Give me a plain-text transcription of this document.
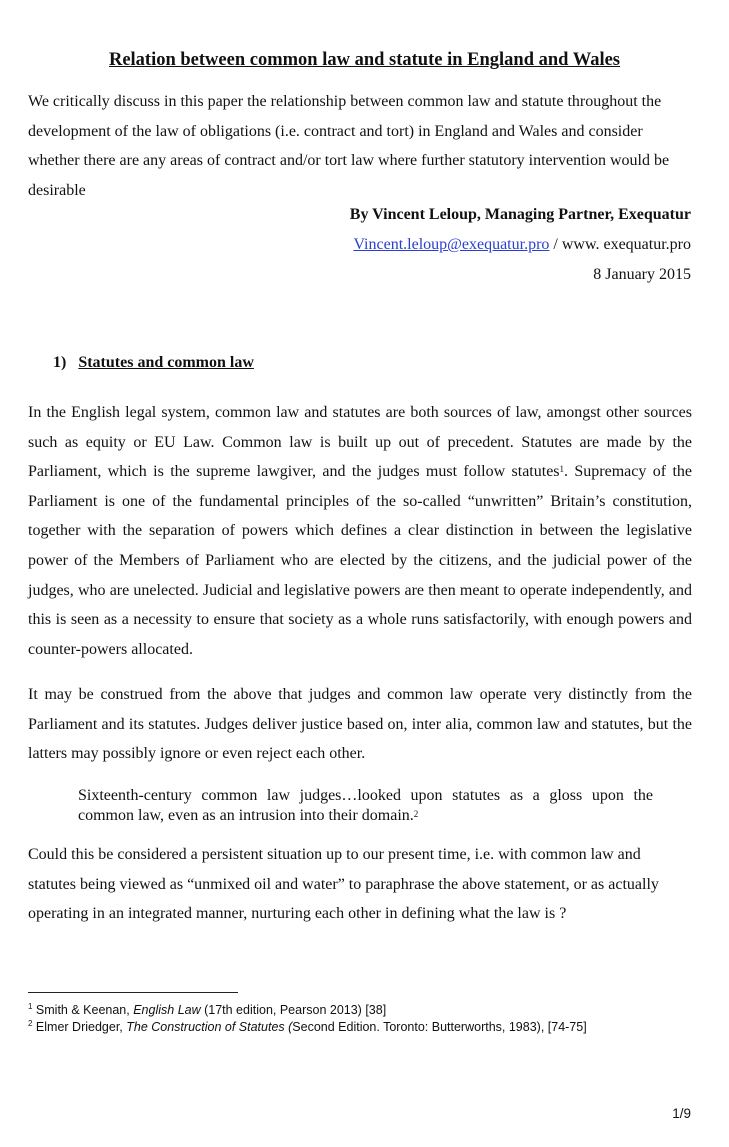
Relation between common law and statute in England and Wales
We critically discuss in this paper the relationship between common law and statute throughout the development of the law of obligations (i.e. contract and tort) in England and Wales and consider whether there are any areas of contract and/or tort law where further statutory intervention would be desirable
By Vincent Leloup, Managing Partner, Exequatur
Vincent.leloup@exequatur.pro / www. exequatur.pro
8 January 2015
1) Statutes and common law
In the English legal system, common law and statutes are both sources of law, amongst other sources such as equity or EU Law. Common law is built up out of precedent. Statutes are made by the Parliament, which is the supreme lawgiver, and the judges must follow statutes$^1$. Supremacy of the Parliament is one of the fundamental principles of the so-called “unwritten” Britain’s constitution, together with the separation of powers which defines a clear distinction in between the legislative power of the Members of Parliament who are elected by the citizens, and the judicial power of the judges, who are unelected. Judicial and legislative powers are then meant to operate independently, and this is seen as a necessity to ensure that society as a whole runs satisfactorily, with enough powers and counter-powers allocated.
It may be construed from the above that judges and common law operate very distinctly from the Parliament and its statutes. Judges deliver justice based on, inter alia, common law and statutes, but the latters may possibly ignore or even reject each other.
Sixteenth-century common law judges…looked upon statutes as a gloss upon the common law, even as an intrusion into their domain.$^2$
Could this be considered a persistent situation up to our present time, i.e. with common law and statutes being viewed as “unmixed oil and water” to paraphrase the above statement, or as actually operating in an integrated manner, nurturing each other in defining what the law is ?
$^1$ Smith & Keenan, English Law (17th edition, Pearson 2013) [38]
$^2$ Elmer Driedger, The Construction of Statutes (Second Edition. Toronto: Butterworths, 1983), [74-75]
1/9
